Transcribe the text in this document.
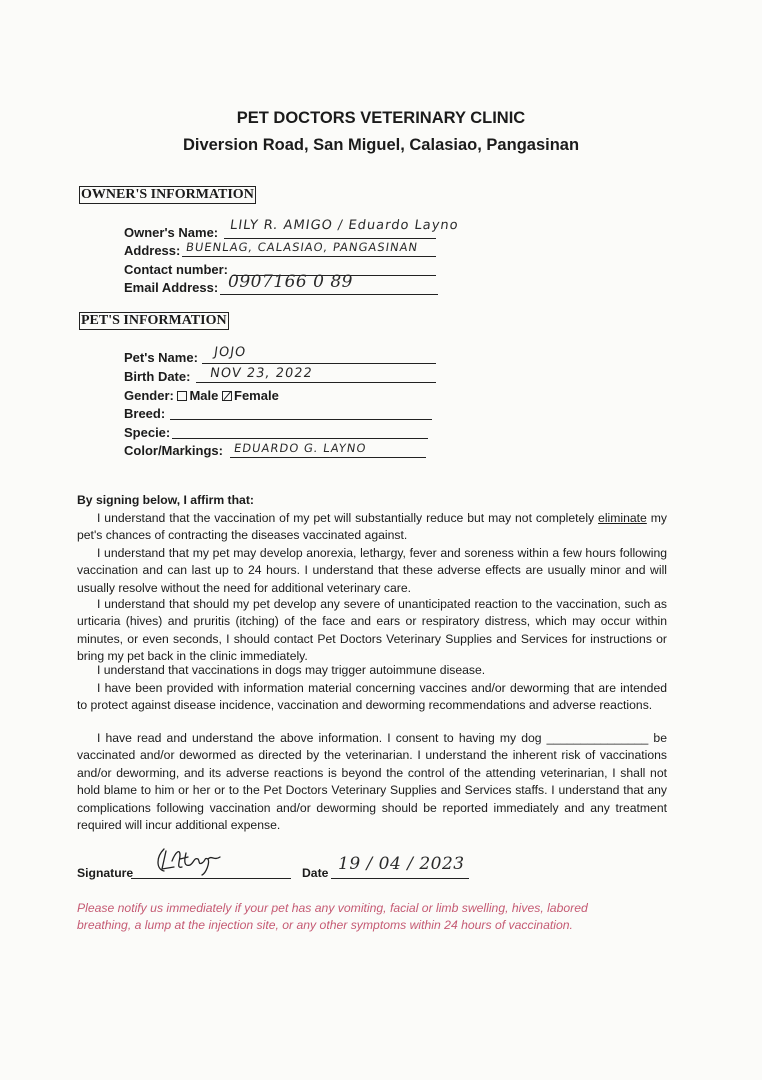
PET DOCTORS VETERINARY CLINIC
Diversion Road, San Miguel, Calasiao, Pangasinan
OWNER'S INFORMATION
Owner's Name: LILY R. AMIGO / Eduardo Layno
Address: BUENLAG, CALASIAO, PANGASINAN
Contact number:
Email Address: 0907166 0 89
PET'S INFORMATION
Pet's Name: JOJO
Birth Date: NOV 23, 2022
Gender: Male Female
Breed:
Specie:
Color/Markings: EDUARDO G. LAYNO
By signing below, I affirm that:

I understand that the vaccination of my pet will substantially reduce but may not completely eliminate my pet's chances of contracting the diseases vaccinated against.

I understand that my pet may develop anorexia, lethargy, fever and soreness within a few hours following vaccination and can last up to 24 hours. I understand that these adverse effects are usually minor and will usually resolve without the need for additional veterinary care.

I understand that should my pet develop any severe of unanticipated reaction to the vaccination, such as urticaria (hives) and pruritis (itching) of the face and ears or respiratory distress, which may occur within minutes, or even seconds, I should contact Pet Doctors Veterinary Supplies and Services for instructions or bring my pet back in the clinic immediately.

I understand that vaccinations in dogs may trigger autoimmune disease.

I have been provided with information material concerning vaccines and/or deworming that are intended to protect against disease incidence, vaccination and deworming recommendations and adverse reactions.

I have read and understand the above information. I consent to having my dog _______________ be vaccinated and/or dewormed as directed by the veterinarian. I understand the inherent risk of vaccinations and/or deworming, and its adverse reactions is beyond the control of the attending veterinarian, I shall not hold blame to him or her or to the Pet Doctors Veterinary Supplies and Services staffs. I understand that any complications following vaccination and/or deworming should be reported immediately and any treatment required will incur additional expense.

Signature	Date 19 / 04 / 2023
Please notify us immediately if your pet has any vomiting, facial or limb swelling, hives, labored breathing, a lump at the injection site, or any other symptoms within 24 hours of vaccination.
